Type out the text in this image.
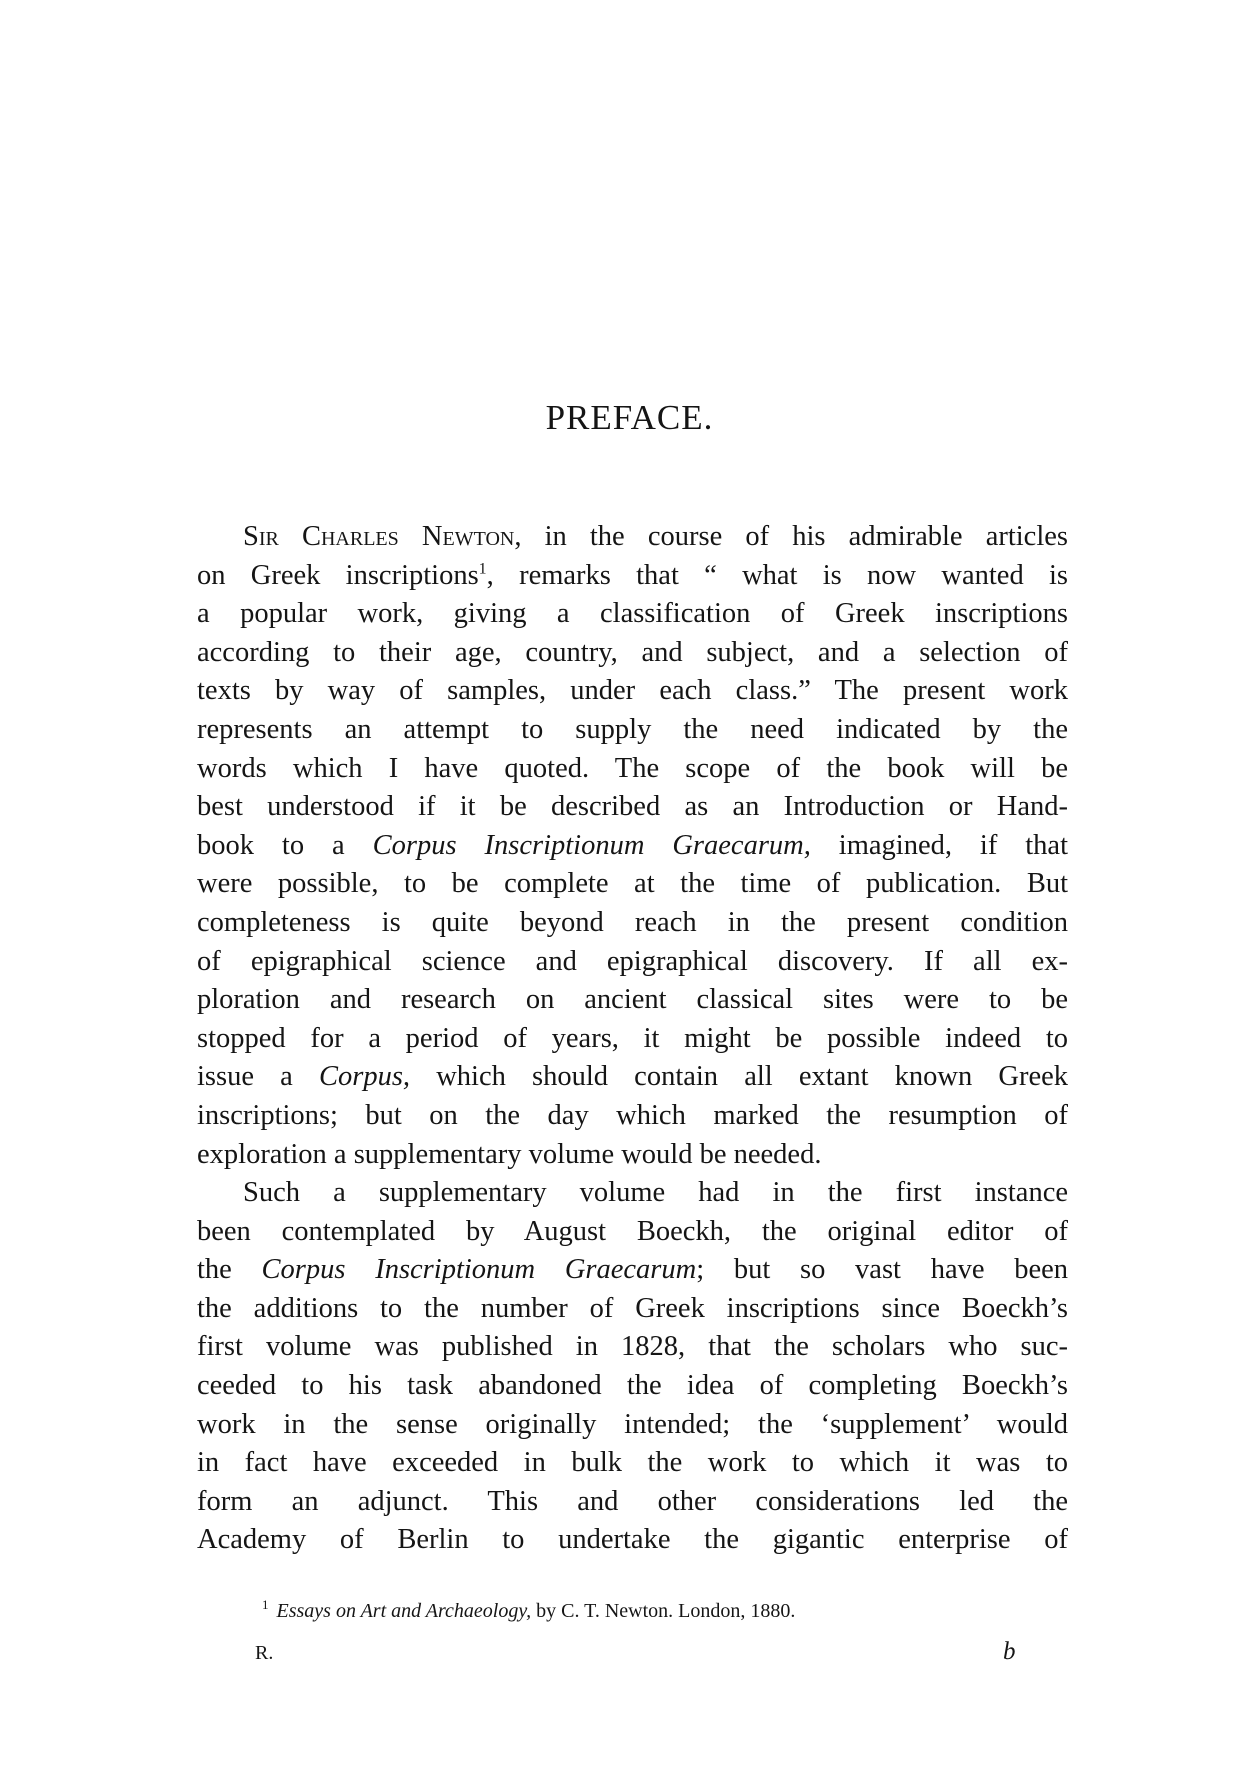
PREFACE.
Sir Charles Newton, in the course of his admirable articles
on Greek inscriptions$^1$, remarks that “ what is now wanted is
a popular work, giving a classification of Greek inscriptions
according to their age, country, and subject, and a selection of
texts by way of samples, under each class.” The present work
represents an attempt to supply the need indicated by the
words which I have quoted. The scope of the book will be
best understood if it be described as an Introduction or Hand-
book to a Corpus Inscriptionum Graecarum, imagined, if that
were possible, to be complete at the time of publication. But
completeness is quite beyond reach in the present condition
of epigraphical science and epigraphical discovery. If all ex-
ploration and research on ancient classical sites were to be
stopped for a period of years, it might be possible indeed to
issue a Corpus, which should contain all extant known Greek
inscriptions; but on the day which marked the resumption of
exploration a supplementary volume would be needed.
Such a supplementary volume had in the first instance
been contemplated by August Boeckh, the original editor of
the Corpus Inscriptionum Graecarum; but so vast have been
the additions to the number of Greek inscriptions since Boeckh’s
first volume was published in 1828, that the scholars who suc-
ceeded to his task abandoned the idea of completing Boeckh’s
work in the sense originally intended; the ‘supplement’ would
in fact have exceeded in bulk the work to which it was to
form an adjunct. This and other considerations led the
Academy of Berlin to undertake the gigantic enterprise of
$^1$ Essays on Art and Archaeology, by C. T. Newton. London, 1880.
R.	b
